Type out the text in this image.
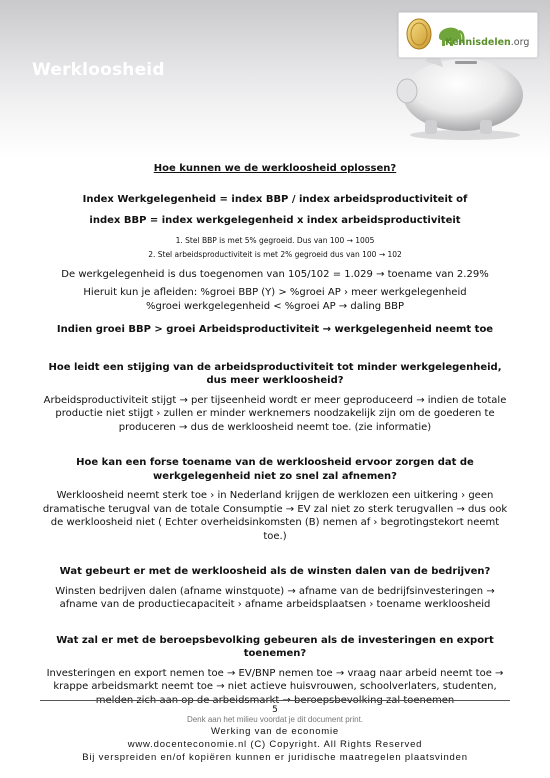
Werkloosheid
Kennisdelen.org

Hoe kunnen we de werkloosheid oplossen?

Index Werkgelegenheid = index BBP / index arbeidsproductiviteit of

index BBP = index werkgelegenheid x index arbeidsproductiviteit

1. Stel BBP is met 5% gegroeid. Dus van 100 → 1005
2. Stel arbeidsproductiviteit is met 2% gegroeid dus van 100 → 102

De werkgelegenheid is dus toegenomen van 105/102 = 1.029 → toename van 2.29%

Hieruit kun je afleiden: %groei BBP (Y) > %groei AP › meer werkgelegenheid

%groei werkgelegenheid < %groei AP → daling BBP

Indien groei BBP > groei Arbeidsproductiviteit → werkgelegenheid neemt toe

Hoe leidt een stijging van de arbeidsproductiviteit tot minder werkgelegenheid, dus meer werkloosheid?

Arbeidsproductiviteit stijgt → per tijseenheid wordt er meer geproduceerd → indien de totale productie niet stijgt › zullen er minder werknemers noodzakelijk zijn om de goederen te produceren → dus de werkloosheid neemt toe. (zie informatie)

Hoe kan een forse toename van de werkloosheid ervoor zorgen dat de werkgelegenheid niet zo snel zal afnemen?

Werkloosheid neemt sterk toe › in Nederland krijgen de werklozen een uitkering › geen dramatische terugval van de totale Consumptie → EV zal niet zo sterk terugvallen → dus ook de werkloosheid niet ( Echter overheidsinkomsten (B) nemen af › begrotingstekort neemt toe.)

Wat gebeurt er met de werkloosheid als de winsten dalen van de bedrijven?

Winsten bedrijven dalen (afname winstquote) → afname van de bedrijfsinvesteringen → afname van de productiecapaciteit › afname arbeidsplaatsen › toename werkloosheid

Wat zal er met de beroepsbevolking gebeuren als de investeringen en export toenemen?

Investeringen en export nemen toe → EV/BNP nemen toe → vraag naar arbeid neemt toe → krappe arbeidsmarkt neemt toe → niet actieve huisvrouwen, schoolverlaters, studenten, melden zich aan op de arbeidsmarkt → beroepsbevolking zal toenemen

5
Denk aan het milieu voordat je dit document print.
Werking van de economie
www.docenteconomie.nl (C) Copyright. All Rights Reserved
Bij verspreiden en/of kopiëren kunnen er juridische maatregelen plaatsvinden
